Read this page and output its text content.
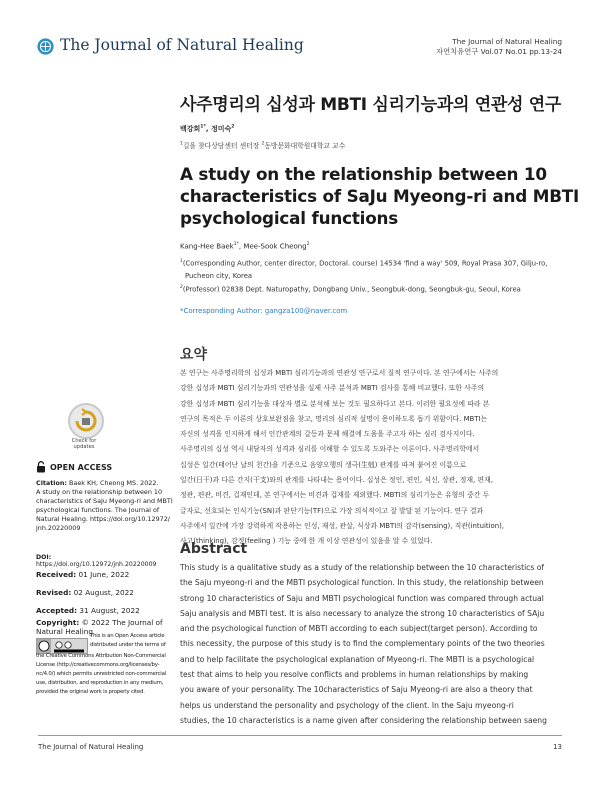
The Journal of Natural Healing	The Journal of Natural Healing
자연치유연구 Vol.07 No.01 pp.13-24
사주명리의 십성과 MBTI 심리기능과의 연관성 연구
백강희$^{1*}$, 정미숙$^2$
$^1$길을 찾다상담센터 센터장 $^2$동방문화대학원대학교 교수
A study on the relationship between 10
characteristics of SaJu Myeong-ri and MBTI
psychological functions
Kang-Hee Baek$^{1*}$, Mee-Sook Cheong$^2$
$^1$(Corresponding Author, center director, Doctoral. course) 14534 'find a way' 509, Royal Prasa 307, Gilju-ro,
Pucheon city, Korea
$^2$(Professor) 02838 Dept. Naturopathy, Dongbang Univ., Seongbuk-dong, Seongbuk-gu, Seoul, Korea
*Corresponding Author: gangza100@naver.com
요약
본 연구는 사주명리학의 십성과 MBTI 심리기능과의 연관성 연구로서 질적 연구이다. 본 연구에서는 사주의
강한 십성과 MBTI 심리기능과의 연관성을 실제 사주 분석과 MBTI 검사를 통해 비교했다. 또한 사주의
강한 십성과 MBTI 심리기능을 대상자 별로 분석해 보는 것도 필요하다고 본다. 이러한 필요성에 따라 본
연구의 목적은 두 이론의 상호보완점을 찾고, 명리의 심리적 설명이 용이하도록 돕기 위함이다. MBTI는
자신의 성격을 인지하게 해서 인간관계의 갈등과 문제 해결에 도움을 주고자 하는 심리 검사지이다.
사주명리의 십성 역시 내담자의 성격과 심리를 이해할 수 있도록 도와주는 이론이다. 사주명리학에서
십성은 일간(태어난 날의 천간)을 기준으로 음양오행의 생극(生剋) 관계를 따져 붙여진 이름으로
일간(日干)과 다른 간지(干支)와의 관계를 나타내는 용어이다. 십성은 정인, 편인, 식신, 상관, 정재, 편재,
정관, 편관, 비견, 겁재인데, 본 연구에서는 비견과 겁재를 제외했다. MBTI의 심리기능은 유형의 중간 두
글자로, 선호되는 인식기능(SN)과 판단기능(TF)으로 가장 의식적이고 잘 발달 된 기능이다. 연구 결과
사주에서 일간에 가장 강력하게 작용하는 인성, 재성, 관살, 식상과 MBTI의 감각(sensing), 직관(intuition),
사고(thinking), 감정(feeling ) 기능 중에 한 개 이상 연관성이 있음을 알 수 있었다.
Abstract
This study is a qualitative study as a study of the relationship between the 10 characteristics of
the Saju myeong-ri and the MBTI psychological function. In this study, the relationship between
strong 10 characteristics of Saju and MBTI psychological function was compared through actual
Saju analysis and MBTI test. It is also necessary to analyze the strong 10 characteristics of SAju
and the psychological function of MBTI according to each subject(target person). According to
this necessity, the purpose of this study is to find the complementary points of the two theories
and to help facilitate the psychological explanation of Myeong-ri. The MBTI is a psychological
test that aims to help you resolve conflicts and problems in human relationships by making
you aware of your personality. The 10characteristics of Saju Myeong-ri are also a theory that
helps us understand the personality and psychology of the client. In the Saju myeong-ri
studies, the 10 characteristics is a name given after considering the relationship between saeng
Check for
updates
OPEN ACCESS
Citation: Baek KH, Cheong MS. 2022.
A study on the relationship between 10
characteristics of SaJu Myeong-ri and MBTI
psychological functions. The Journal of
Natural Healing. https://doi.org/10.12972/
jnh.20220009
DOI: https://doi.org/10.12972/jnh.20220009
Received: 01 June, 2022
Revised: 02 August, 2022
Accepted: 31 August, 2022
Copyright: © 2022 The Journal of
Natural Healing
This is an Open Access article
distributed under the terms of
the Creative Commons Attribution Non-Commercial
License (http://creativecommons.org/licenses/by-
nc/4.0/) which permits unrestricted non-commercial
use, distribution, and reproduction in any medium,
provided the original work is properly cited.
The Journal of Natural Healing	13
